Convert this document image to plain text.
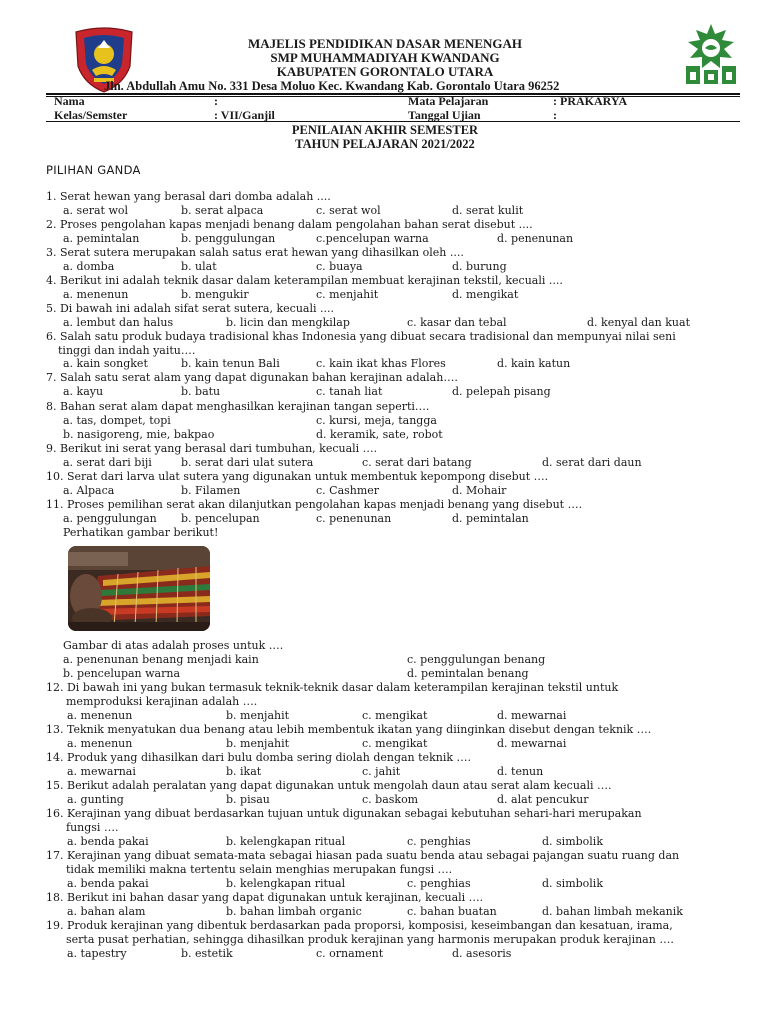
MAJELIS PENDIDIKAN DASAR MENENGAH
SMP MUHAMMADIYAH KWANDANG
KABUPATEN GORONTALO UTARA
Jln. Abdullah Amu No. 331 Desa Moluo Kec. Kwandang Kab. Gorontalo Utara 96252
Nama	:	Mata Pelajaran	: PRAKARYA
Kelas/Semster	: VII/Ganjil	Tanggal Ujian	:
PENILAIAN AKHIR SEMESTER
TAHUN PELAJARAN 2021/2022
PILIHAN GANDA
1. Serat hewan yang berasal dari domba adalah ....
a. serat wol	b. serat alpaca	c. serat wol	d. serat kulit
2. Proses pengolahan kapas menjadi benang dalam pengolahan bahan serat disebut ....
a. pemintalan	b. penggulungan	c.pencelupan warna	d. penenunan
3. Serat sutera merupakan salah satus erat hewan yang dihasilkan oleh ....
a. domba	b. ulat	c. buaya	d. burung
4. Berikut ini adalah teknik dasar dalam keterampilan membuat kerajinan tekstil, kecuali ....
a. menenun	b. mengukir	c. menjahit	d. mengikat
5. Di bawah ini adalah sifat serat sutera, kecuali ....
a. lembut dan halus	b. licin dan mengkilap	c. kasar dan tebal	d. kenyal dan kuat
6. Salah satu produk budaya tradisional khas Indonesia yang dibuat secara tradisional dan mempunyai nilai seni
tinggi dan indah yaitu….
a. kain songket	b. kain tenun Bali	c. kain ikat khas Flores	d. kain katun
7. Salah satu serat alam yang dapat digunakan bahan kerajinan adalah….
a. kayu	b. batu	c. tanah liat	d. pelepah pisang
8. Bahan serat alam dapat menghasilkan kerajinan tangan seperti….
a. tas, dompet, topi	c. kursi, meja, tangga
b. nasigoreng, mie, bakpao	d. keramik, sate, robot
9. Berikut ini serat yang berasal dari tumbuhan, kecuali ….
a. serat dari biji	b. serat dari ulat sutera	c. serat dari batang	d. serat dari daun
10. Serat dari larva ulat sutera yang digunakan untuk membentuk kepompong disebut ….
a. Alpaca	b. Filamen	c. Cashmer	d. Mohair
11. Proses pemilihan serat akan dilanjutkan pengolahan kapas menjadi benang yang disebut ….
a. penggulungan b. pencelupan	c. penenunan	d. pemintalan
Perhatikan gambar berikut!
Gambar di atas adalah proses untuk ….
a. penenunan benang menjadi kain	c. penggulungan benang
b. pencelupan warna	d. pemintalan benang
12. Di bawah ini yang bukan termasuk teknik-teknik dasar dalam keterampilan kerajinan tekstil untuk
memproduksi kerajinan adalah ….
a. menenun	b. menjahit	c. mengikat	d. mewarnai
13. Teknik menyatukan dua benang atau lebih membentuk ikatan yang diinginkan disebut dengan teknik ….
a. menenun	b. menjahit	c. mengikat	d. mewarnai
14. Produk yang dihasilkan dari bulu domba sering diolah dengan teknik ….
a. mewarnai	b. ikat	c. jahit	d. tenun
15. Berikut adalah peralatan yang dapat digunakan untuk mengolah daun atau serat alam kecuali ….
a. gunting	b. pisau	c. baskom	d. alat pencukur
16. Kerajinan yang dibuat berdasarkan tujuan untuk digunakan sebagai kebutuhan sehari-hari merupakan
fungsi ….
a. benda pakai	b. kelengkapan ritual	c. penghias	d. simbolik
17. Kerajinan yang dibuat semata-mata sebagai hiasan pada suatu benda atau sebagai pajangan suatu ruang dan
tidak memiliki makna tertentu selain menghias merupakan fungsi ….
a. benda pakai	b. kelengkapan ritual	c. penghias	d. simbolik
18. Berikut ini bahan dasar yang dapat digunakan untuk kerajinan, kecuali ….
a. bahan alam	b. bahan limbah organic	c. bahan buatan	d. bahan limbah mekanik
19. Produk kerajinan yang dibentuk berdasarkan pada proporsi, komposisi, keseimbangan dan kesatuan, irama,
serta pusat perhatian, sehingga dihasilkan produk kerajinan yang harmonis merupakan produk kerajinan ….
a. tapestry	b. estetik	c. ornament	d. asesoris
